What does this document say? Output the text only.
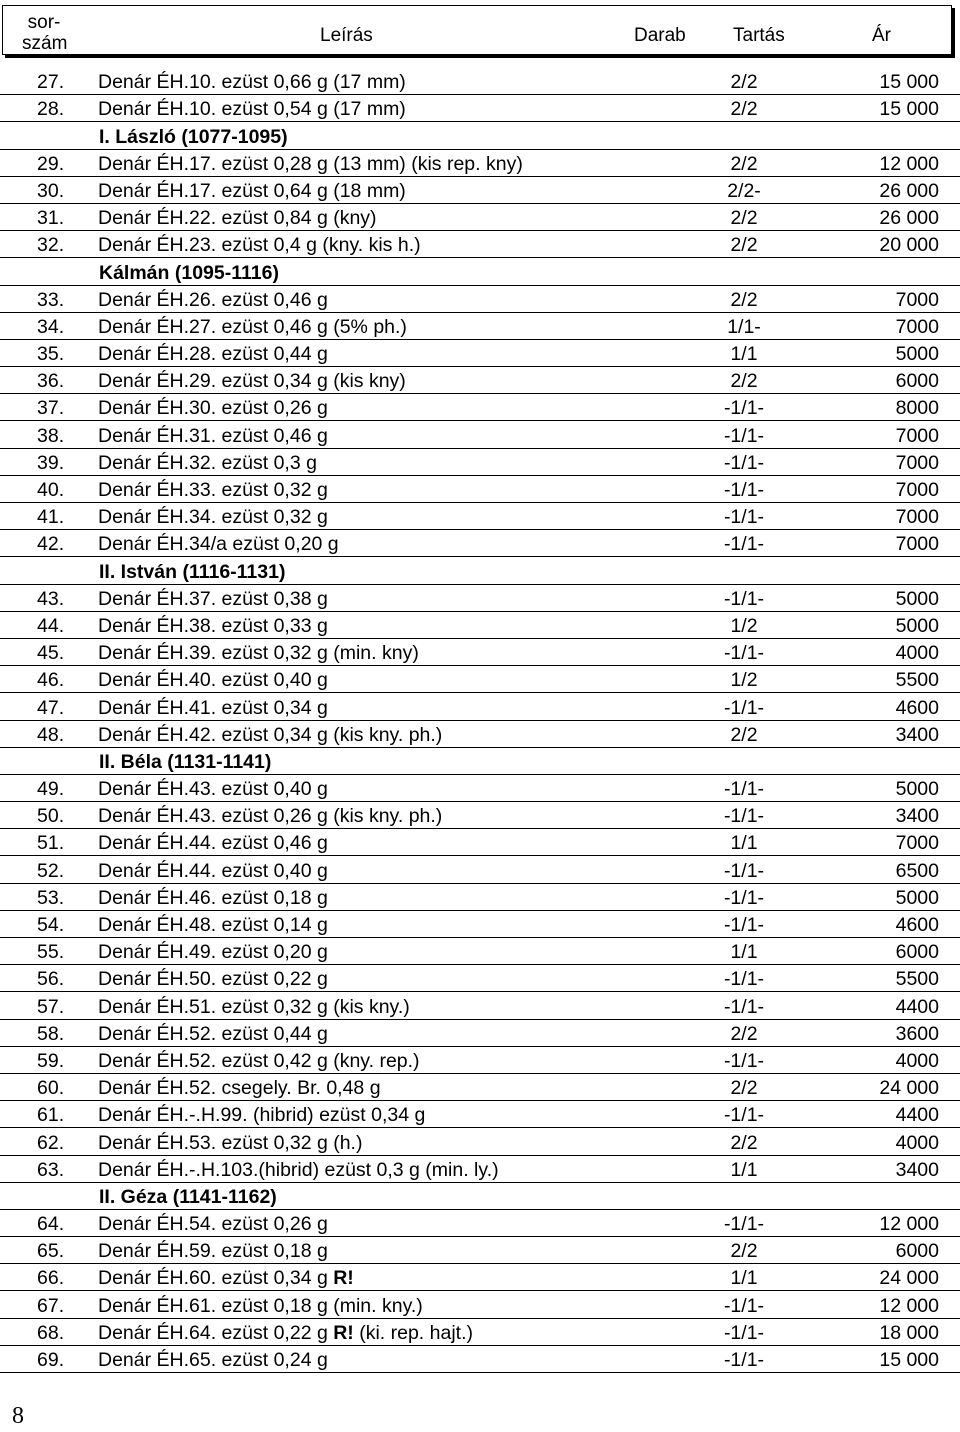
sor-
szám	Leírás	Darab Tartás	Ár
27. Denár ÉH.10. ezüst 0,66 g (17 mm)	2/2	15 000
28. Denár ÉH.10. ezüst 0,54 g (17 mm)	2/2	15 000
I. László (1077-1095)
29. Denár ÉH.17. ezüst 0,28 g (13 mm) (kis rep. kny)	2/2	12 000
30. Denár ÉH.17. ezüst 0,64 g (18 mm)	2/2-	26 000
31. Denár ÉH.22. ezüst 0,84 g (kny)	2/2	26 000
32. Denár ÉH.23. ezüst 0,4 g (kny. kis h.)	2/2	20 000
Kálmán (1095-1116)
33. Denár ÉH.26. ezüst 0,46 g	2/2	7000
34. Denár ÉH.27. ezüst 0,46 g (5% ph.)	1/1-	7000
35. Denár ÉH.28. ezüst 0,44 g	1/1	5000
36. Denár ÉH.29. ezüst 0,34 g (kis kny)	2/2	6000
37. Denár ÉH.30. ezüst 0,26 g	-1/1-	8000
38. Denár ÉH.31. ezüst 0,46 g	-1/1-	7000
39. Denár ÉH.32. ezüst 0,3 g	-1/1-	7000
40. Denár ÉH.33. ezüst 0,32 g	-1/1-	7000
41. Denár ÉH.34. ezüst 0,32 g	-1/1-	7000
42. Denár ÉH.34/a ezüst 0,20 g	-1/1-	7000
II. István (1116-1131)
43. Denár ÉH.37. ezüst 0,38 g	-1/1-	5000
44. Denár ÉH.38. ezüst 0,33 g	1/2	5000
45. Denár ÉH.39. ezüst 0,32 g (min. kny)	-1/1-	4000
46. Denár ÉH.40. ezüst 0,40 g	1/2	5500
47. Denár ÉH.41. ezüst 0,34 g	-1/1-	4600
48. Denár ÉH.42. ezüst 0,34 g (kis kny. ph.)	2/2	3400
II. Béla (1131-1141)
49. Denár ÉH.43. ezüst 0,40 g	-1/1-	5000
50. Denár ÉH.43. ezüst 0,26 g (kis kny. ph.)	-1/1-	3400
51. Denár ÉH.44. ezüst 0,46 g	1/1	7000
52. Denár ÉH.44. ezüst 0,40 g	-1/1-	6500
53. Denár ÉH.46. ezüst 0,18 g	-1/1-	5000
54. Denár ÉH.48. ezüst 0,14 g	-1/1-	4600
55. Denár ÉH.49. ezüst 0,20 g	1/1	6000
56. Denár ÉH.50. ezüst 0,22 g	-1/1-	5500
57. Denár ÉH.51. ezüst 0,32 g (kis kny.)	-1/1-	4400
58. Denár ÉH.52. ezüst 0,44 g	2/2	3600
59. Denár ÉH.52. ezüst 0,42 g (kny. rep.)	-1/1-	4000
60. Denár ÉH.52. csegely. Br. 0,48 g	2/2	24 000
61. Denár ÉH.-.H.99. (hibrid) ezüst 0,34 g	-1/1-	4400
62. Denár ÉH.53. ezüst 0,32 g (h.)	2/2	4000
63. Denár ÉH.-.H.103.(hibrid) ezüst 0,3 g (min. ly.)	1/1	3400
II. Géza (1141-1162)
64. Denár ÉH.54. ezüst 0,26 g	-1/1-	12 000
65. Denár ÉH.59. ezüst 0,18 g	2/2	6000
66. Denár ÉH.60. ezüst 0,34 g R!	1/1	24 000
67. Denár ÉH.61. ezüst 0,18 g (min. kny.)	-1/1-	12 000
68. Denár ÉH.64. ezüst 0,22 g R! (ki. rep. hajt.)	-1/1-	18 000
69. Denár ÉH.65. ezüst 0,24 g	-1/1-	15 000
8
